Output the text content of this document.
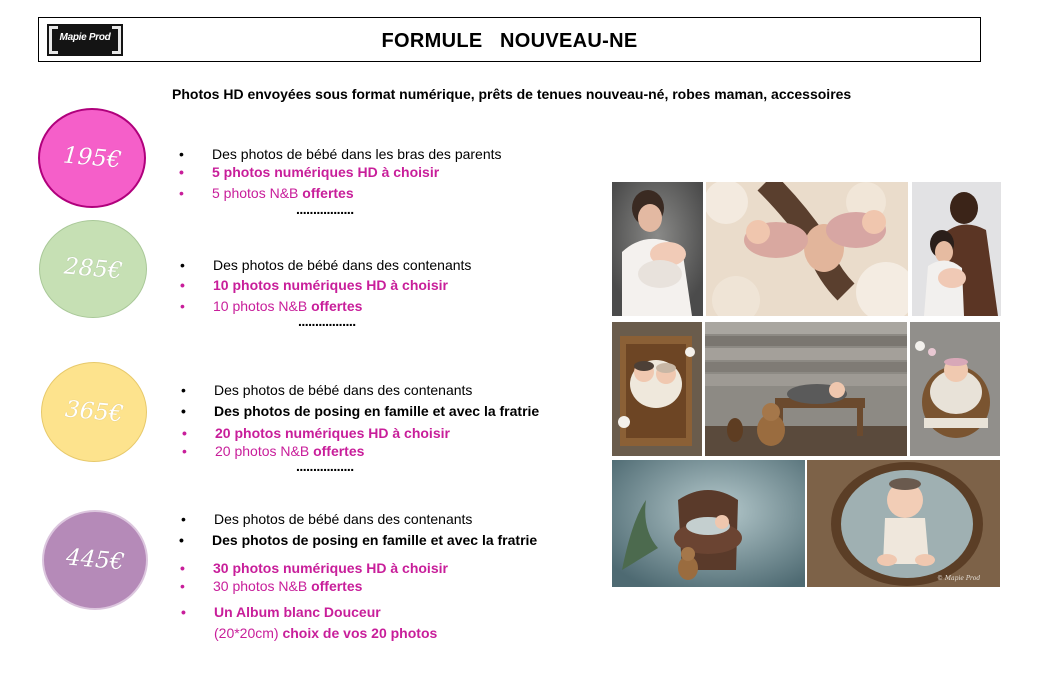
Mapie Prod	FORMULE   NOUVEAU-NE
Photos HD envoyées sous format numérique, prêts de tenues nouveau-né, robes maman, accessoires
195€
285€
365€
445€
• Des photos de bébé dans les bras des parents
• 5 photos numériques HD à choisir
• 5 photos N&B offertes
.................
• Des photos de bébé dans des contenants
• 10 photos numériques HD à choisir
• 10 photos N&B offertes
.................
• Des photos de bébé dans des contenants
• Des photos de posing en famille et avec la fratrie
• 20 photos numériques HD à choisir
• 20 photos N&B offertes
.................
• Des photos de bébé dans des contenants
• Des photos de posing en famille et avec la fratrie
• 30 photos numériques HD à choisir
• 30 photos N&B offertes
• Un Album blanc Douceur
(20*20cm) choix de vos 20 photos
© Mapie Prod
